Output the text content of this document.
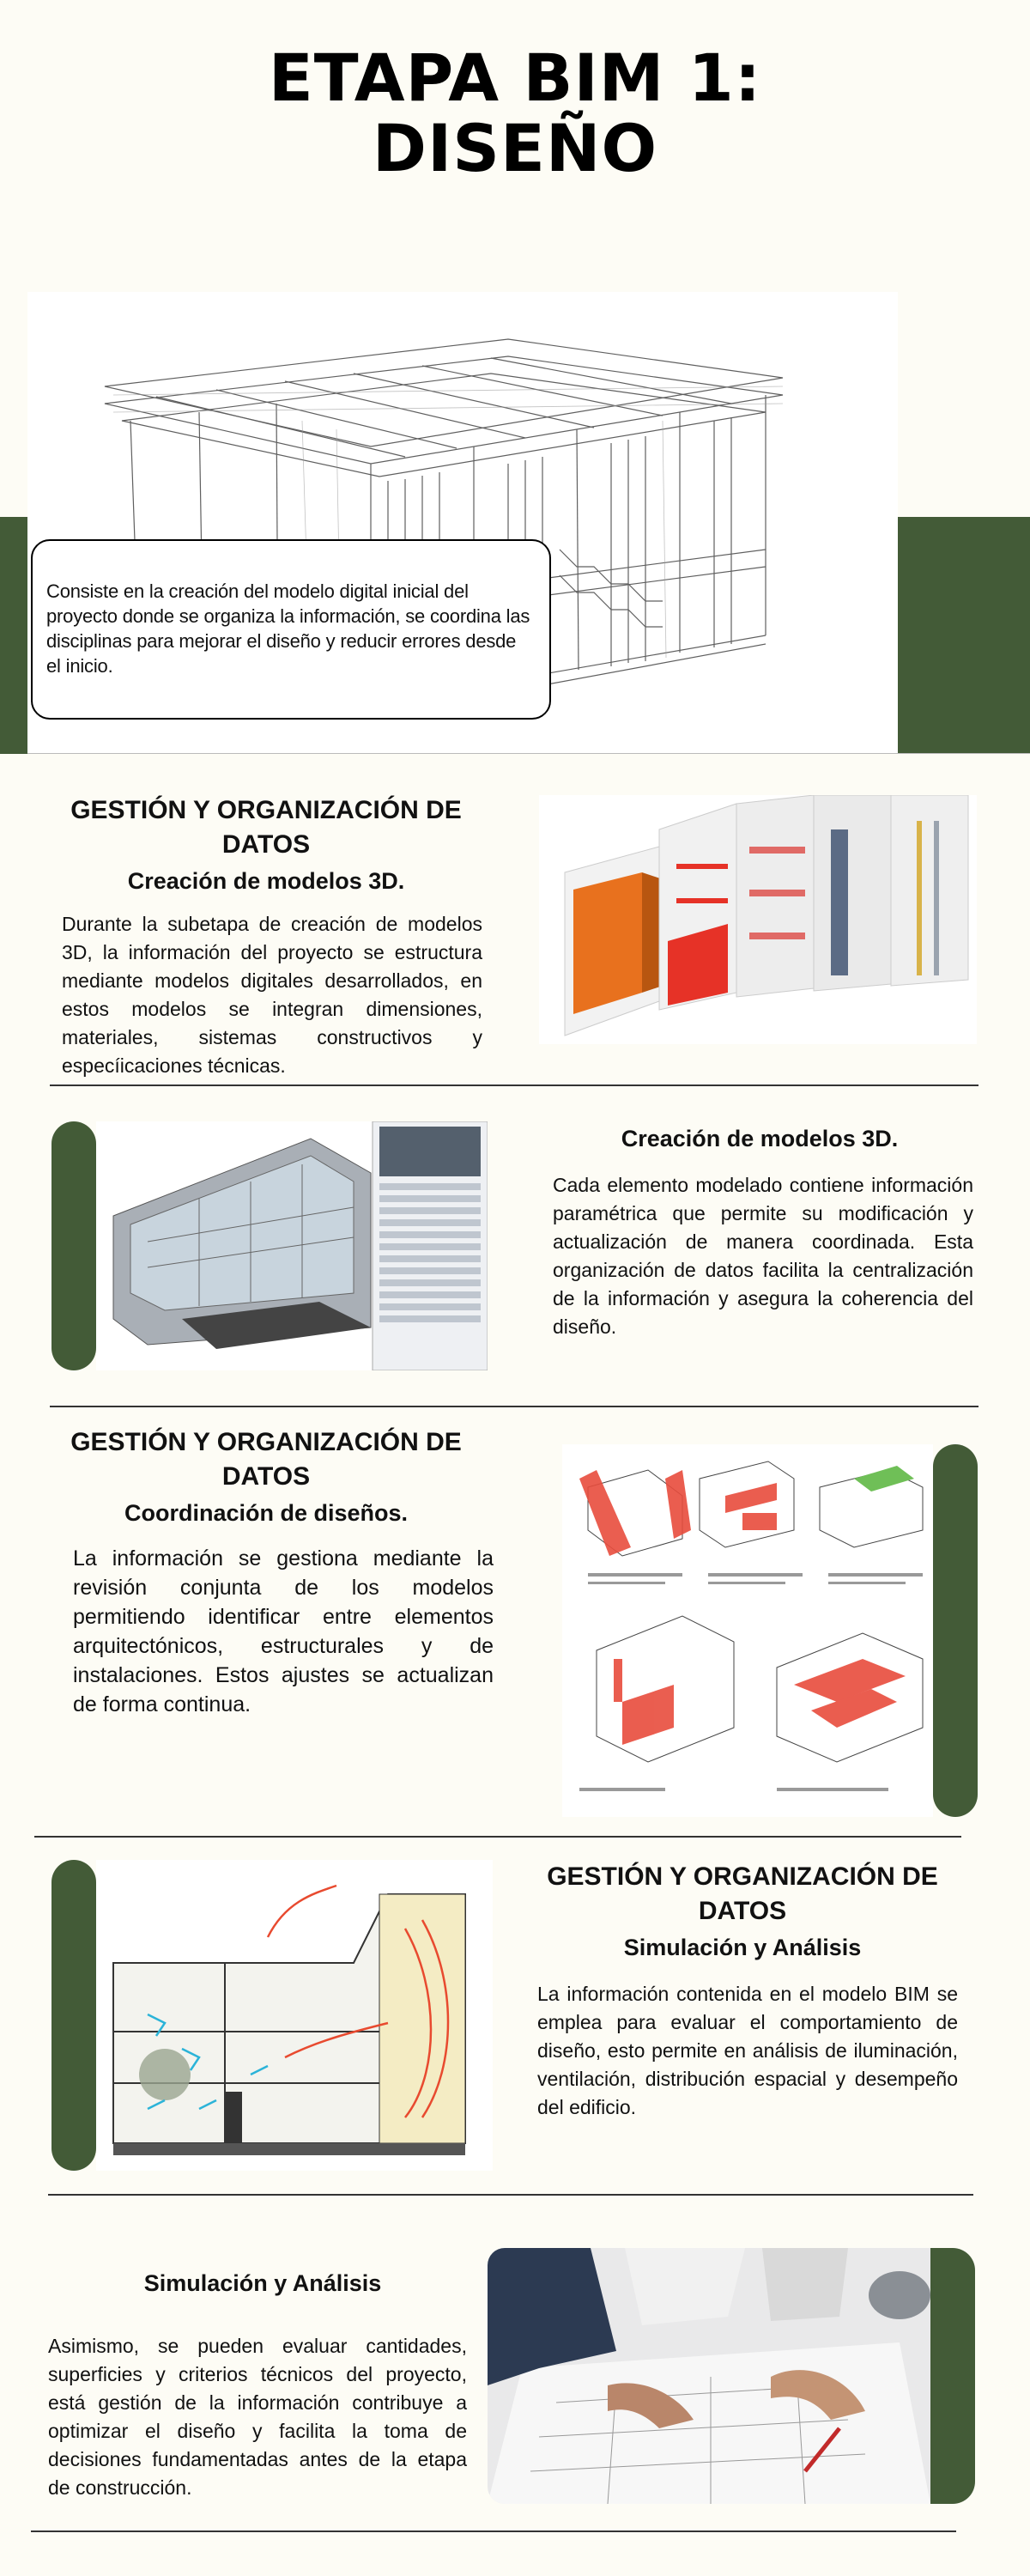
ETAPA BIM 1:
DISEÑO
Consiste en la creación del modelo digital inicial del proyecto donde se organiza la información, se coordina las disciplinas para mejorar el diseño y reducir errores desde el inicio.
GESTIÓN Y ORGANIZACIÓN DE DATOS
Creación de modelos 3D.
Durante la subetapa de creación de modelos 3D, la información del proyecto se estructura mediante modelos digitales desarrollados, en estos modelos se integran dimensiones, materiales, sistemas constructivos y especíicaciones técnicas.
Creación de modelos 3D.
Cada elemento modelado contiene información paramétrica que permite su modificación y actualización de manera coordinada. Esta organización de datos facilita la centralización de la información y asegura la coherencia del diseño.
GESTIÓN Y ORGANIZACIÓN DE DATOS
Coordinación de diseños.
La información se gestiona mediante la revisión conjunta de los modelos permitiendo identificar entre elementos arquitectónicos, estructurales y de instalaciones. Estos ajustes se actualizan de forma continua.
GESTIÓN Y ORGANIZACIÓN DE DATOS
Simulación y Análisis
La información contenida en el modelo BIM se emplea para evaluar el comportamiento de diseño, esto permite en análisis de iluminación, ventilación, distribución espacial y desempeño del edificio.
Simulación y Análisis
Asimismo, se pueden evaluar cantidades, superficies y criterios técnicos del proyecto, está gestión de la información contribuye a optimizar el diseño y facilita la toma de decisiones fundamentadas antes de la etapa de construcción.
